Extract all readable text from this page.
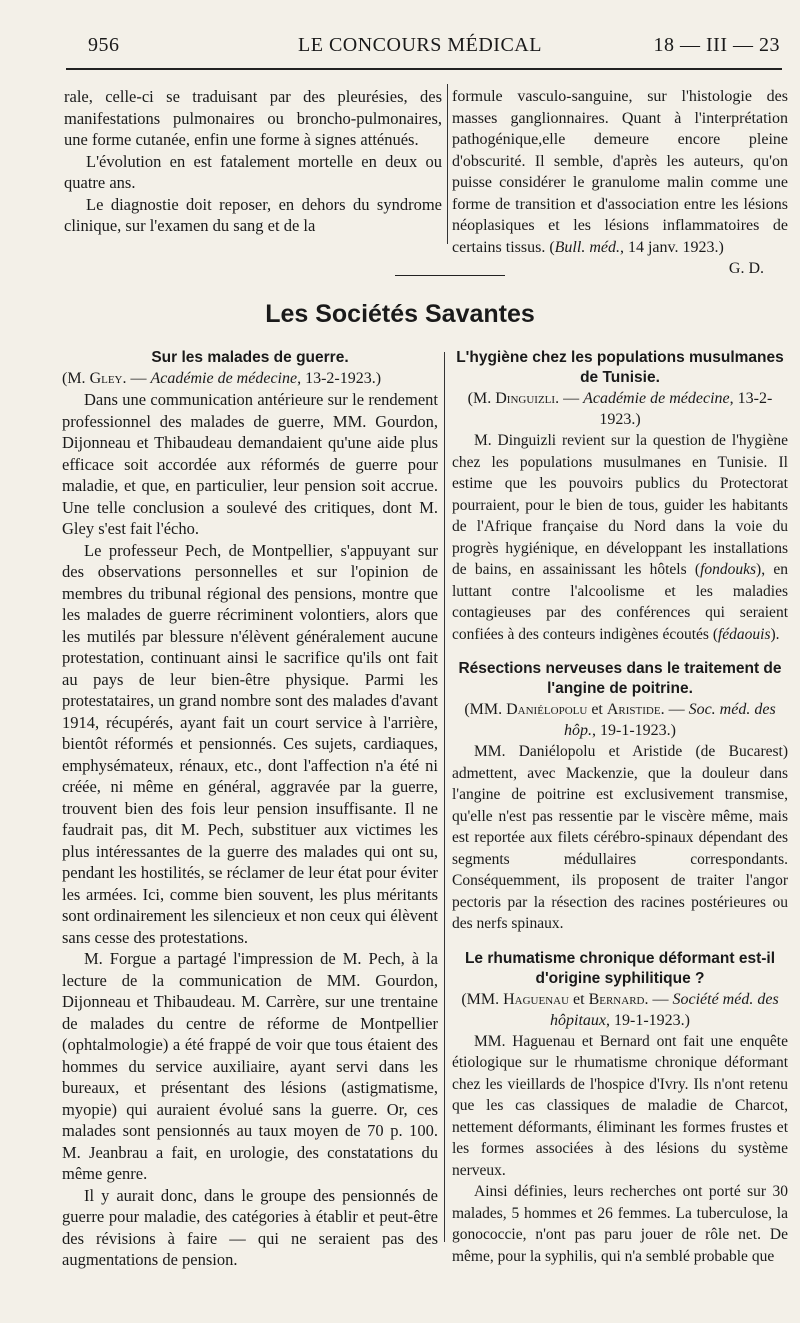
956	LE CONCOURS MÉDICAL	18 — III — 23

rale, celle-ci se traduisant par des pleurésies, des manifestations pulmonaires ou broncho-pulmonaires, une forme cutanée, enfin une forme à signes atténués.

L'évolution en est fatalement mortelle en deux ou quatre ans.

Le diagnostie doit reposer, en dehors du syndrome clinique, sur l'examen du sang et de la

formule vasculo-sanguine, sur l'histologie des masses ganglionnaires. Quant à l'interprétation pathogénique,elle demeure encore pleine d'obscurité. Il semble, d'après les auteurs, qu'on puisse considérer le granulome malin comme une forme de transition et d'association entre les lésions néoplasiques et les lésions inflammatoires de certains tissus. (Bull. méd., 14 janv. 1923.)

G. D.

Les Sociétés Savantes

Sur les malades de guerre.

(M. Gley. — Académie de médecine, 13-2-1923.)

Dans une communication antérieure sur le rendement professionnel des malades de guerre, MM. Gourdon, Dijonneau et Thibaudeau demandaient qu'une aide plus efficace soit accordée aux réformés de guerre pour maladie, et que, en particulier, leur pension soit accrue. Une telle conclusion a soulevé des critiques, dont M. Gley s'est fait l'écho.

Le professeur Pech, de Montpellier, s'appuyant sur des observations personnelles et sur l'opinion de membres du tribunal régional des pensions, montre que les malades de guerre récriminent volontiers, alors que les mutilés par blessure n'élèvent généralement aucune protestation, continuant ainsi le sacrifice qu'ils ont fait au pays de leur bien-être physique. Parmi les protestataires, un grand nombre sont des malades d'avant 1914, récupérés, ayant fait un court service à l'arrière, bientôt réformés et pensionnés. Ces sujets, cardiaques, emphysémateux, rénaux, etc., dont l'affection n'a été ni créée, ni même en général, aggravée par la guerre, trouvent bien des fois leur pension insuffisante. Il ne faudrait pas, dit M. Pech, substituer aux victimes les plus intéressantes de la guerre des malades qui ont su, pendant les hostilités, se réclamer de leur état pour éviter les armées. Ici, comme bien souvent, les plus méritants sont ordinairement les silencieux et non ceux qui élèvent sans cesse des protestations.

M. Forgue a partagé l'impression de M. Pech, à la lecture de la communication de MM. Gourdon, Dijonneau et Thibaudeau. M. Carrère, sur une trentaine de malades du centre de réforme de Montpellier (ophtalmologie) a été frappé de voir que tous étaient des hommes du service auxiliaire, ayant servi dans les bureaux, et présentant des lésions (astigmatisme, myopie) qui auraient évolué sans la guerre. Or, ces malades sont pensionnés au taux moyen de 70 p. 100. M. Jeanbrau a fait, en urologie, des constatations du même genre.

Il y aurait donc, dans le groupe des pensionnés de guerre pour maladie, des catégories à établir et peut-être des révisions à faire — qui ne seraient pas des augmentations de pension.

L'hygiène chez les populations musulmanes de Tunisie.

(M. Dinguizli. — Académie de médecine, 13-2-1923.)

M. Dinguizli revient sur la question de l'hygiène chez les populations musulmanes en Tunisie. Il estime que les pouvoirs publics du Protectorat pourraient, pour le bien de tous, guider les habitants de l'Afrique française du Nord dans la voie du progrès hygiénique, en développant les installations de bains, en assainissant les hôtels (fondouks), en luttant contre l'alcoolisme et les maladies contagieuses par des conférences qui seraient confiées à des conteurs indigènes écoutés (fédaouis).

Résections nerveuses dans le traitement de l'angine de poitrine.

(MM. Daniélopolu et Aristide. — Soc. méd. des hôp., 19-1-1923.)

MM. Daniélopolu et Aristide (de Bucarest) admettent, avec Mackenzie, que la douleur dans l'angine de poitrine est exclusivement transmise, qu'elle n'est pas ressentie par le viscère même, mais est reportée aux filets cérébro-spinaux dépendant des segments médullaires correspondants. Conséquemment, ils proposent de traiter l'angor pectoris par la résection des racines postérieures ou des nerfs spinaux.

Le rhumatisme chronique déformant est-il d'origine syphilitique ?

(MM. Haguenau et Bernard. — Société méd. des hôpitaux, 19-1-1923.)

MM. Haguenau et Bernard ont fait une enquête étiologique sur le rhumatisme chronique déformant chez les vieillards de l'hospice d'Ivry. Ils n'ont retenu que les cas classiques de maladie de Charcot, nettement déformants, éliminant les formes frustes et les formes associées à des lésions du système nerveux.

Ainsi définies, leurs recherches ont porté sur 30 malades, 5 hommes et 26 femmes. La tuberculose, la gonococcie, n'ont pas paru jouer de rôle net. De même, pour la syphilis, qui n'a semblé probable que
